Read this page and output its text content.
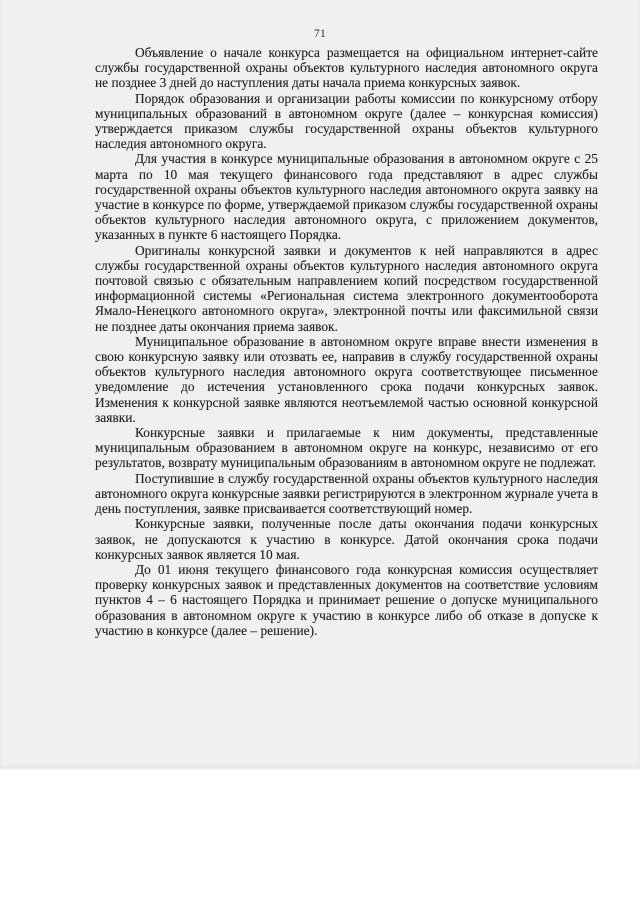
71

Объявление о начале конкурса размещается на официальном интернет-сайте службы государственной охраны объектов культурного наследия автономного округа не позднее 3 дней до наступления даты начала приема конкурсных заявок.

Порядок образования и организации работы комиссии по конкурсному отбору муниципальных образований в автономном округе (далее – конкурсная комиссия) утверждается приказом службы государственной охраны объектов культурного наследия автономного округа.

Для участия в конкурсе муниципальные образования в автономном округе с 25 марта по 10 мая текущего финансового года представляют в адрес службы государственной охраны объектов культурного наследия автономного округа заявку на участие в конкурсе по форме, утверждаемой приказом службы государственной охраны объектов культурного наследия автономного округа, с приложением документов, указанных в пункте 6 настоящего Порядка.

Оригиналы конкурсной заявки и документов к ней направляются в адрес службы государственной охраны объектов культурного наследия автономного округа почтовой связью с обязательным направлением копий посредством государственной информационной системы «Региональная система электронного документооборота Ямало-Ненецкого автономного округа», электронной почты или факсимильной связи не позднее даты окончания приема заявок.

Муниципальное образование в автономном округе вправе внести изменения в свою конкурсную заявку или отозвать ее, направив в службу государственной охраны объектов культурного наследия автономного округа соответствующее письменное уведомление до истечения установленного срока подачи конкурсных заявок. Изменения к конкурсной заявке являются неотъемлемой частью основной конкурсной заявки.

Конкурсные заявки и прилагаемые к ним документы, представленные муниципальным образованием в автономном округе на конкурс, независимо от его результатов, возврату муниципальным образованиям в автономном округе не подлежат.

Поступившие в службу государственной охраны объектов культурного наследия автономного округа конкурсные заявки регистрируются в электронном журнале учета в день поступления, заявке присваивается соответствующий номер.

Конкурсные заявки, полученные после даты окончания подачи конкурсных заявок, не допускаются к участию в конкурсе. Датой окончания срока подачи конкурсных заявок является 10 мая.

До 01 июня текущего финансового года конкурсная комиссия осуществляет проверку конкурсных заявок и представленных документов на соответствие условиям пунктов 4 – 6 настоящего Порядка и принимает решение о допуске муниципального образования в автономном округе к участию в конкурсе либо об отказе в допуске к участию в конкурсе (далее – решение).
